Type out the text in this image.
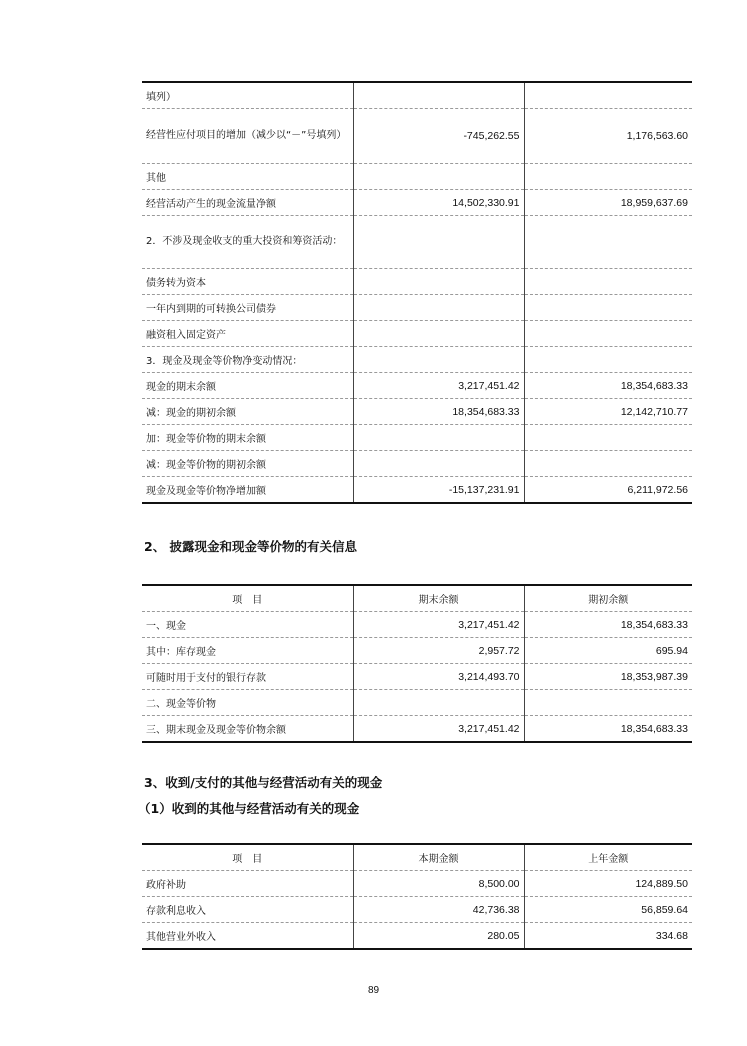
填列）		
经营性应付项目的增加（减少以“－”号填列）	-745,262.55	1,176,563.60
其他		
经营活动产生的现金流量净额	14,502,330.91	18,959,637.69
2．不涉及现金收支的重大投资和筹资活动：		
债务转为资本		
一年内到期的可转换公司债券		
融资租入固定资产		
3．现金及现金等价物净变动情况：		
现金的期末余额	3,217,451.42	18,354,683.33
减：现金的期初余额	18,354,683.33	12,142,710.77
加：现金等价物的期末余额		
减：现金等价物的期初余额		
现金及现金等价物净增加额	-15,137,231.91	6,211,972.56
2、 披露现金和现金等价物的有关信息
项　目	期末余额	期初余额
一、现金	3,217,451.42	18,354,683.33
其中：库存现金	2,957.72	695.94
可随时用于支付的银行存款	3,214,493.70	18,353,987.39
二、现金等价物		
三、期末现金及现金等价物余额	3,217,451.42	18,354,683.33
3、收到/支付的其他与经营活动有关的现金
（1）收到的其他与经营活动有关的现金
项　目	本期金额	上年金额
政府补助	8,500.00	124,889.50
存款利息收入	42,736.38	56,859.64
其他营业外收入	280.05	334.68
89
